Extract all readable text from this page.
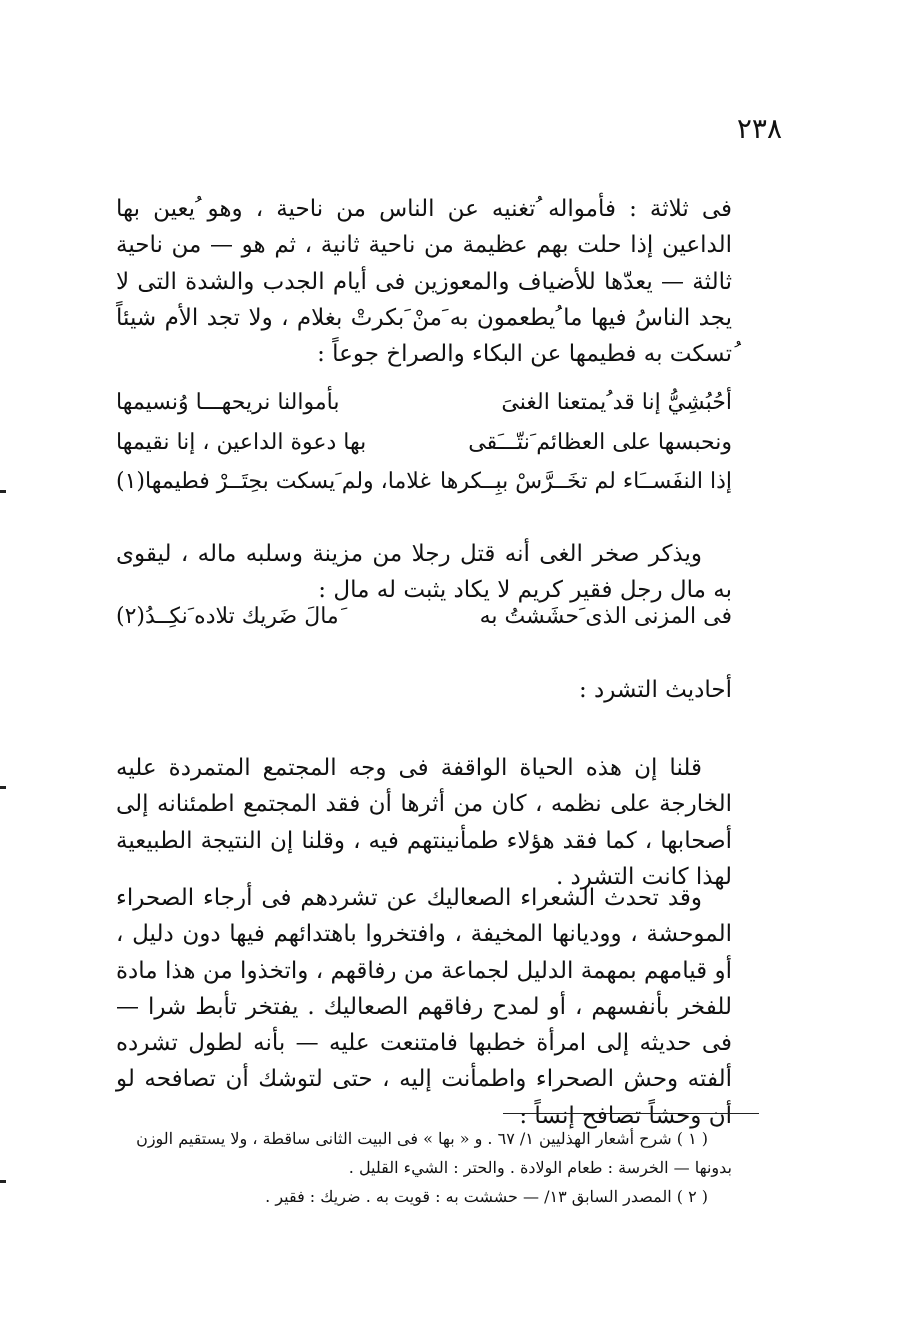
٢٣٨

فى ثلاثة : فأمواله ُتغنيه عن الناس من ناحية ، وهو ُيعين بها الداعين إذا حلت بهم عظيمة من ناحية ثانية ، ثم هو — من ناحية ثالثة — يعدّها للأضياف والمعوزين فى أيام الجدب والشدة التى لا يجد الناسُ فيها ما ُيطعمون به َمنْ َبكرتْ بغلام ، ولا تجد الأم شيئاً ُتسكت به فطيمها عن البكاء والصراخ جوعاً :

أحُبُشِيُّ إنا قد ُيمتعنا الغنىَ
بأموالنا نريحهـــا وُنسيمها
ونحبسها على العظائم َنتّـــَقى
بها دعوة الداعين ، إنا نقيمها
إذا النفَســَاء لم تخَــرَّسْ ببِــكرها
غلاما، ولم َيسكت بحِتَــرْ فطيمها(١)

ويذكر صخر الغى أنه قتل رجلا من مزينة وسلبه ماله ، ليقوى به مال رجل فقير كريم لا يكاد يثبت له مال :

فى المزنى الذى َحشَشتُ به
َمالَ ضَريك تلاده َنكِــدُ(٢)
أحاديث التشرد :

قلنا إن هذه الحياة الواقفة فى وجه المجتمع المتمردة عليه الخارجة على نظمه ، كان من أثرها أن فقد المجتمع اطمئنانه إلى أصحابها ، كما فقد هؤلاء طمأنينتهم فيه ، وقلنا إن النتيجة الطبيعية لهذا كانت التشرد .

وقد تحدث الشعراء الصعاليك عن تشردهم فى أرجاء الصحراء الموحشة ، ووديانها المخيفة ، وافتخروا باهتدائهم فيها دون دليل ، أو قيامهم بمهمة الدليل لجماعة من رفاقهم ، واتخذوا من هذا مادة للفخر بأنفسهم ، أو لمدح رفاقهم الصعاليك . يفتخر تأبط شرا — فى حديثه إلى امرأة خطبها فامتنعت عليه — بأنه لطول تشرده ألفته وحش الصحراء واطمأنت إليه ، حتى لتوشك أن تصافحه لو أن وحشاً تصافح إنساً :

( ١ ) شرح أشعار الهذليين ١/ ٦٧ . و « بها » فى البيت الثانى ساقطة ، ولا يستقيم الوزن بدونها — الخرسة : طعام الولادة . والحتر : الشيء القليل .
( ٢ ) المصدر السابق ١٣/ — حششت به : قويت به . ضريك : فقير .
